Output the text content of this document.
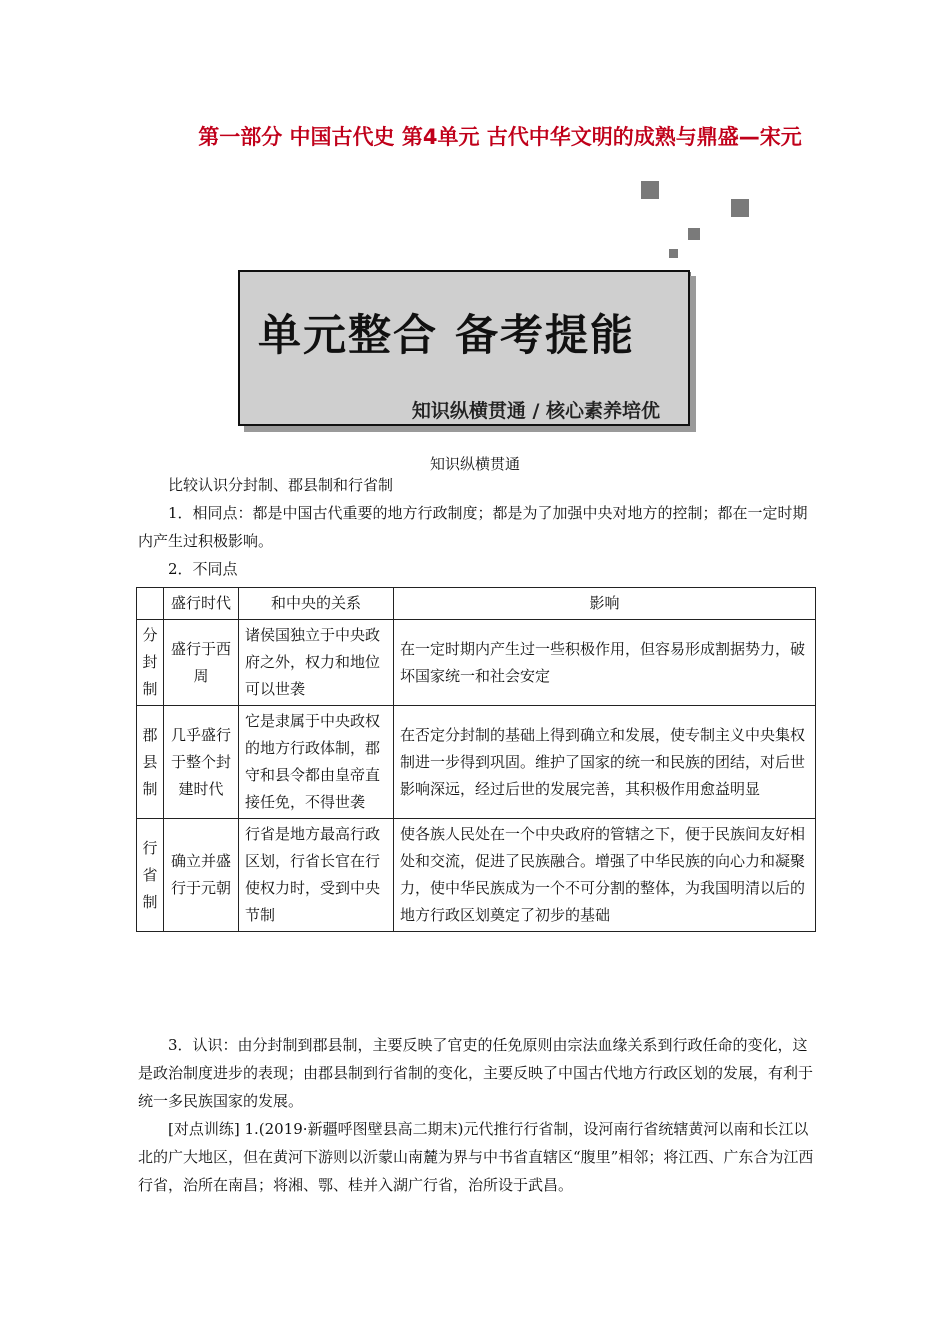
第一部分 中国古代史 第4单元 古代中华文明的成熟与鼎盛—宋元
单元整合 备考提能
知识纵横贯通 / 核心素养培优
知识纵横贯通
比较认识分封制、郡县制和行省制
1．相同点：都是中国古代重要的地方行政制度；都是为了加强中央对地方的控制；都在一定时期内产生过积极影响。
2．不同点
	盛行时代	和中央的关系	影响
分封制	盛行于西周	诸侯国独立于中央政府之外，权力和地位可以世袭	在一定时期内产生过一些积极作用，但容易形成割据势力，破坏国家统一和社会安定
郡县制	几乎盛行于整个封建时代	它是隶属于中央政权的地方行政体制，郡守和县令都由皇帝直接任免，不得世袭	在否定分封制的基础上得到确立和发展，使专制主义中央集权制进一步得到巩固。维护了国家的统一和民族的团结，对后世影响深远，经过后世的发展完善，其积极作用愈益明显
行省制	确立并盛行于元朝	行省是地方最高行政区划，行省长官在行使权力时，受到中央节制	使各族人民处在一个中央政府的管辖之下，便于民族间友好相处和交流，促进了民族融合。增强了中华民族的向心力和凝聚力，使中华民族成为一个不可分割的整体，为我国明清以后的地方行政区划奠定了初步的基础
3．认识：由分封制到郡县制，主要反映了官吏的任免原则由宗法血缘关系到行政任命的变化，这是政治制度进步的表现；由郡县制到行省制的变化，主要反映了中国古代地方行政区划的发展，有利于统一多民族国家的发展。
[对点训练] 1.(2019·新疆呼图壁县高二期末)元代推行行省制，设河南行省统辖黄河以南和长江以北的广大地区，但在黄河下游则以沂蒙山南麓为界与中书省直辖区“腹里”相邻；将江西、广东合为江西行省，治所在南昌；将湘、鄂、桂并入湖广行省，治所设于武昌。
